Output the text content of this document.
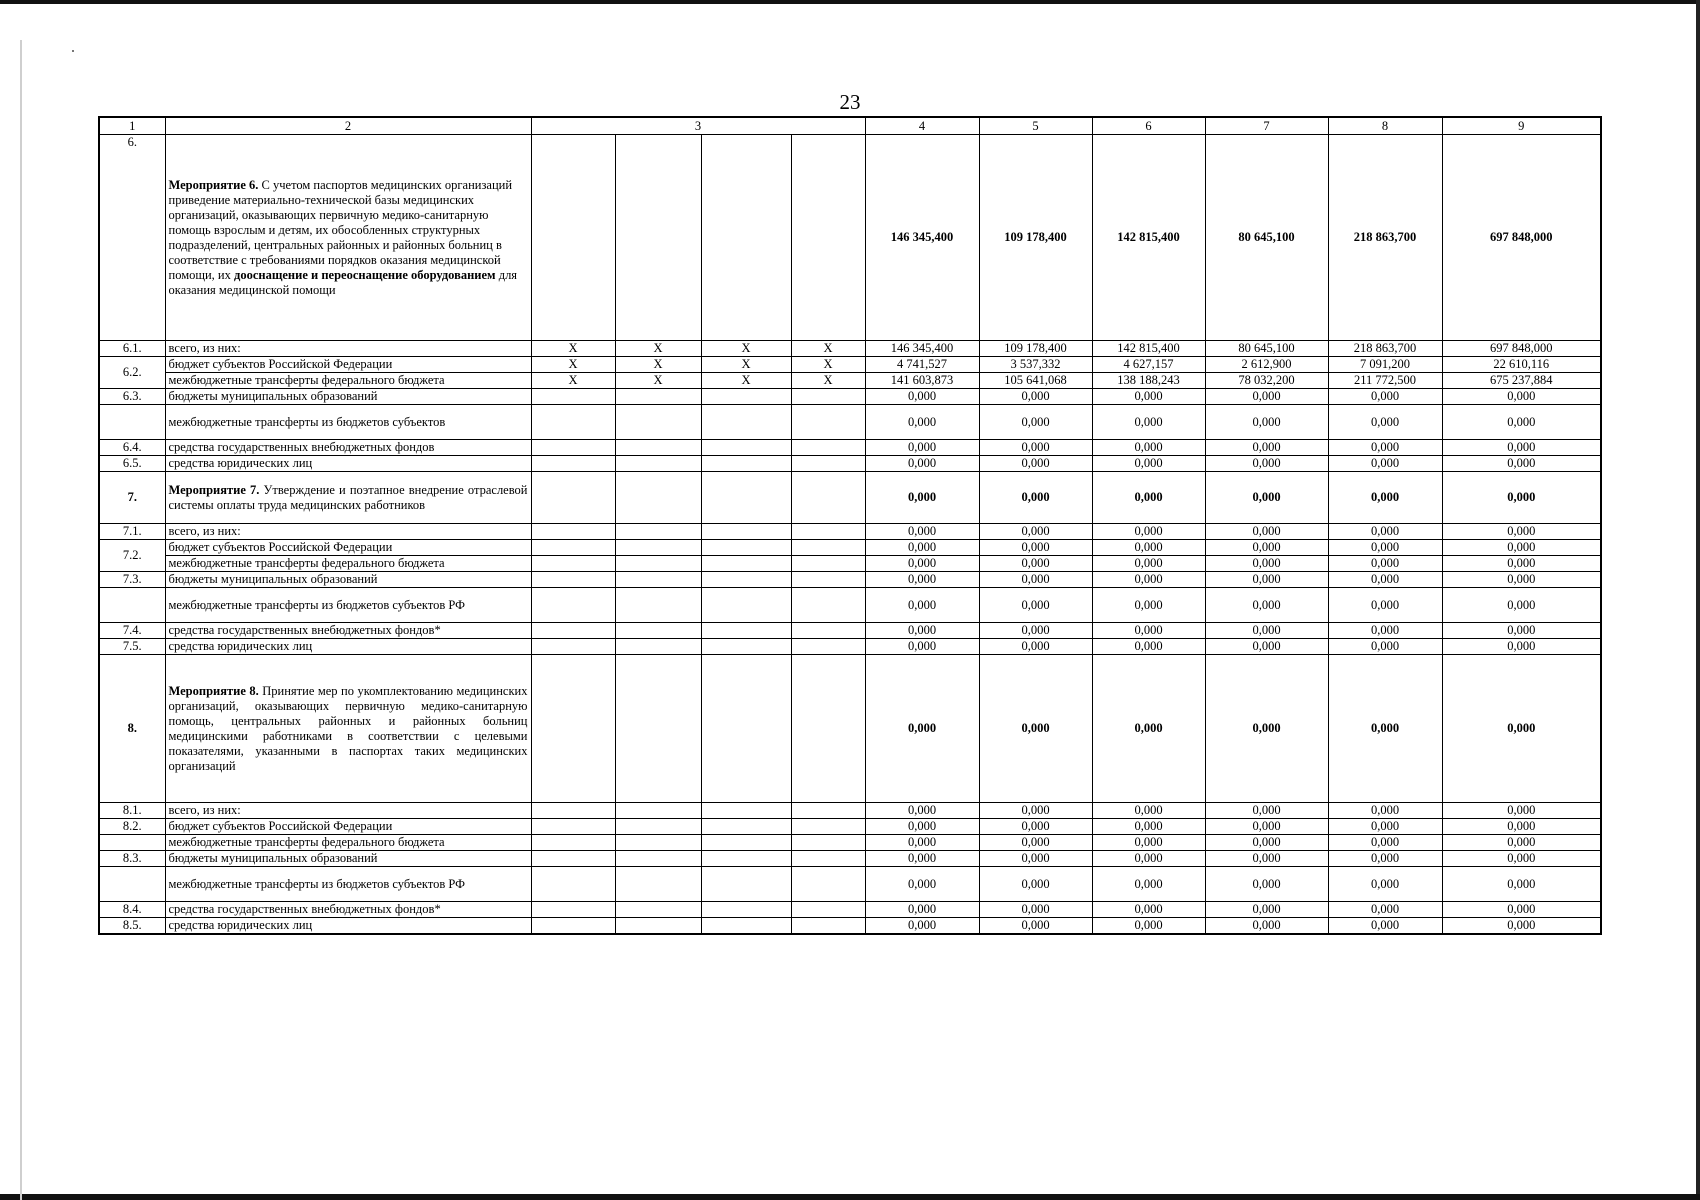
23
1	2	3				4	5	6	7	8	9
6.	Мероприятие 6. С учетом паспортов медицинских организаций приведение материально-технической базы медицинских организаций, оказывающих первичную медико-санитарную помощь взрослым и детям, их обособленных структурных подразделений, центральных районных и районных больниц в соответствие с требованиями порядков оказания медицинской помощи, их дооснащение и переоснащение оборудованием для оказания медицинской помощи					146 345,400	109 178,400	142 815,400	80 645,100	218 863,700	697 848,000
6.1.	всего, из них:	X	X	X	X	146 345,400	109 178,400	142 815,400	80 645,100	218 863,700	697 848,000
6.2.	бюджет субъектов Российской Федерации	X	X	X	X	4 741,527	3 537,332	4 627,157	2 612,900	7 091,200	22 610,116
	межбюджетные трансферты федерального бюджета	X	X	X	X	141 603,873	105 641,068	138 188,243	78 032,200	211 772,500	675 237,884
6.3.	бюджеты муниципальных образований					0,000	0,000	0,000	0,000	0,000	0,000
	межбюджетные трансферты из бюджетов субъектов					0,000	0,000	0,000	0,000	0,000	0,000
6.4.	средства государственных внебюджетных фондов					0,000	0,000	0,000	0,000	0,000	0,000
6.5.	средства юридических лиц					0,000	0,000	0,000	0,000	0,000	0,000
7.	Мероприятие 7. Утверждение и поэтапное внедрение отраслевой системы оплаты труда медицинских работников					0,000	0,000	0,000	0,000	0,000	0,000
7.1.	всего, из них:					0,000	0,000	0,000	0,000	0,000	0,000
7.2.	бюджет субъектов Российской Федерации					0,000	0,000	0,000	0,000	0,000	0,000
	межбюджетные трансферты федерального бюджета					0,000	0,000	0,000	0,000	0,000	0,000
7.3.	бюджеты муниципальных образований					0,000	0,000	0,000	0,000	0,000	0,000
	межбюджетные трансферты из бюджетов субъектов РФ					0,000	0,000	0,000	0,000	0,000	0,000
7.4.	средства государственных внебюджетных фондов*					0,000	0,000	0,000	0,000	0,000	0,000
7.5.	средства юридических лиц					0,000	0,000	0,000	0,000	0,000	0,000
8.	Мероприятие 8. Принятие мер по укомплектованию медицинских организаций, оказывающих первичную медико-санитарную помощь, центральных районных и районных больниц медицинскими работниками в соответствии с целевыми показателями, указанными в паспортах таких медицинских организаций					0,000	0,000	0,000	0,000	0,000	0,000
8.1.	всего, из них:					0,000	0,000	0,000	0,000	0,000	0,000
8.2.	бюджет субъектов Российской Федерации					0,000	0,000	0,000	0,000	0,000	0,000
	межбюджетные трансферты федерального бюджета					0,000	0,000	0,000	0,000	0,000	0,000
8.3.	бюджеты муниципальных образований					0,000	0,000	0,000	0,000	0,000	0,000
	межбюджетные трансферты из бюджетов субъектов РФ					0,000	0,000	0,000	0,000	0,000	0,000
8.4.	средства государственных внебюджетных фондов*					0,000	0,000	0,000	0,000	0,000	0,000
8.5.	средства юридических лиц					0,000	0,000	0,000	0,000	0,000	0,000
